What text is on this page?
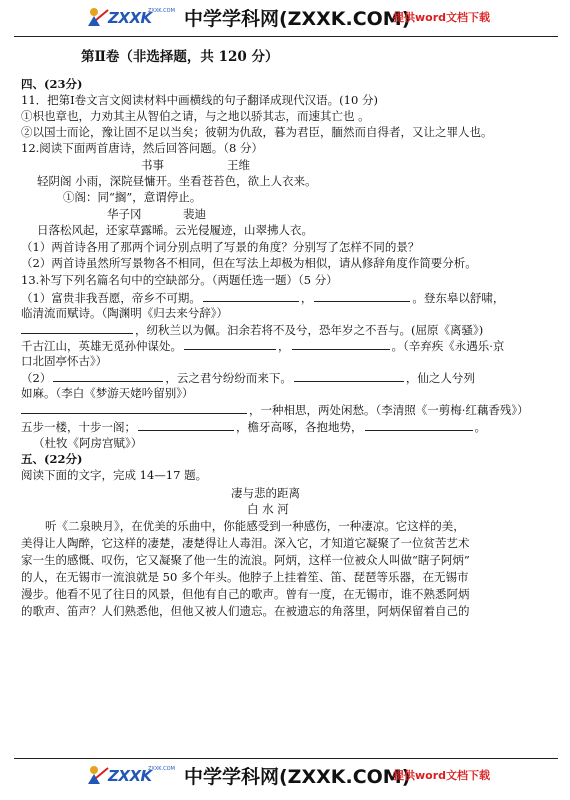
ZXXK
ZXXK.COM 中学学科网(ZXXK.COM)
提供word文档下载
第Ⅱ卷（非选择题，共 120 分）
四、(23分)
11．把第Ⅰ卷文言文阅读材料中画横线的句子翻译成现代汉语。(10 分)
①枳也章也，力劝其主从智伯之请，与之地以骄其志，而速其亡也 。
②以国士而论，豫让固不足以当矣；彼朝为仇敌，暮为君臣，腼然而自得者，又让之罪人也。
12.阅读下面两首唐诗，然后回答问题。（8 分）
书事	王维
轻阴阁 小雨，深院昼慵开。坐看苍苔色，欲上人衣来。
①阁：同“搁”，意谓停止。
华子冈	裴迪
日落松风起，还家草露晞。云光侵履迹，山翠拂人衣。
（1）两首诗各用了那两个词分别点明了写景的角度？分别写了怎样不同的景？
（2）两首诗虽然所写景物各不相同，但在写法上却极为相似，请从修辞角度作简要分析。
13.补写下列名篇名句中的空缺部分。（两题任选一题）（5 分）
（1）富贵非我吾愿，帝乡不可期。	，	。登东皋以舒啸，
临清流而赋诗。（陶渊明《归去来兮辞》）
，纫秋兰以为佩。汩余若将不及兮，恐年岁之不吾与。(屈原《离骚》)
千古江山，英雄无觅孙仲谋处。	，	。（辛弃疾《永遇乐·京
口北固亭怀古》）
（2）	，云之君兮纷纷而来下。	，仙之人兮列
如麻。（李白《梦游天姥吟留别》）
，一种相思，两处闲愁。（李清照《一剪梅·红藕香残》）
五步一楼，十步一阁；	，檐牙高啄，各抱地势，	。
（杜牧《阿房宫赋》）
五、(22分)
阅读下面的文字，完成 14—17 题。
凄与悲的距离
白 水 河
听《二泉映月》，在优美的乐曲中，你能感受到一种感伤，一种凄凉。它这样的美，
美得让人陶醉，它这样的凄楚，凄楚得让人毒泪。深入它，才知道它凝聚了一位贫苦艺术
家一生的感慨、叹伤，它又凝聚了他一生的流浪。阿炳，这样一位被众人叫做“瞎子阿炳”
的人，在无锡市一流浪就是 50 多个年头。他脖子上挂着笙、笛、琵琶等乐器，在无锡市
漫步。他看不见了往日的风景，但他有自己的歌声。曾有一度，在无锡市，谁不熟悉阿炳
的歌声、笛声？人们熟悉他，但他又被人们遗忘。在被遗忘的角落里，阿炳保留着自己的
ZXXK
ZXXK.COM 中学学科网(ZXXK.COM)
提供word文档下载
